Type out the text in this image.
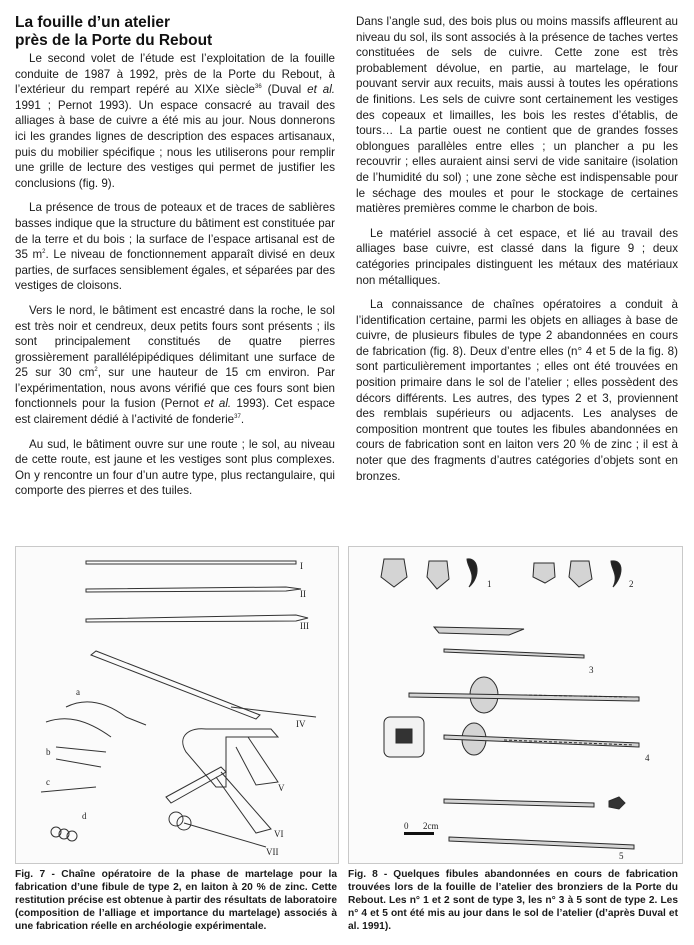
La fouille d’un atelier
près de la Porte du Rebout

Le second volet de l’étude est l’exploitation de la fouille conduite de 1987 à 1992, près de la Porte du Rebout, à l’extérieur du rempart repéré au XIXe siècle$^{36}$ (Duval et al. 1991 ; Pernot 1993). Un espace consacré au travail des alliages à base de cuivre a été mis au jour. Nous donnerons ici les grandes lignes de description des espaces artisanaux, puis du mobilier spécifique ; nous les utiliserons pour remplir une grille de lecture des vestiges qui permet de justifier les conclusions (fig. 9).

La présence de trous de poteaux et de traces de sablières basses indique que la structure du bâtiment est constituée par de la terre et du bois ; la surface de l’espace artisanal est de 35 $m^2$. Le niveau de fonctionnement apparaît divisé en deux parties, de surfaces sensiblement égales, et séparées par des vestiges de cloisons.

Vers le nord, le bâtiment est encastré dans la roche, le sol est très noir et cendreux, deux petits fours sont présents ; ils sont principalement constitués de quatre pierres grossièrement parallélépipédiques délimitant une surface de 25 sur 30 $cm^2$, sur une hauteur de 15 cm environ. Par l’expérimentation, nous avons vérifié que ces fours sont bien fonctionnels pour la fusion (Pernot et al. 1993). Cet espace est clairement dédié à l’activité de fonderie$^{37}$.

Au sud, le bâtiment ouvre sur une route ; le sol, au niveau de cette route, est jaune et les vestiges sont plus complexes. On y rencontre un four d’un autre type, plus rectangulaire, qui comporte des pierres et des tuiles.

Dans l’angle sud, des bois plus ou moins massifs affleurent au niveau du sol, ils sont associés à la présence de taches vertes constituées de sels de cuivre. Cette zone est très probablement dévolue, en partie, au martelage, le four pouvant servir aux recuits, mais aussi à toutes les opérations de finitions. Les sels de cuivre sont certainement les vestiges des copeaux et limailles, les bois les restes d’établis, de tours… La partie ouest ne contient que de grandes fosses oblongues parallèles entre elles ; un plancher a pu les recouvrir ; elles auraient ainsi servi de vide sanitaire (isolation de l’humidité du sol) ; une zone sèche est indispensable pour le séchage des moules et pour le stockage de certaines matières premières comme le charbon de bois.

Le matériel associé à cet espace, et lié au travail des alliages base cuivre, est classé dans la figure 9 ; deux catégories principales distinguent les métaux des matériaux non métalliques.

La connaissance de chaînes opératoires a conduit à l’identification certaine, parmi les objets en alliages à base de cuivre, de plusieurs fibules de type 2 abandonnées en cours de fabrication (fig. 8). Deux d’entre elles (n° 4 et 5 de la fig. 8) sont particulièrement importantes ; elles ont été trouvées en position primaire dans le sol de l’atelier ; elles possèdent des décors différents. Les autres, des types 2 et 3, proviennent des remblais supérieurs ou adjacents. Les analyses de composition montrent que toutes les fibules abandonnées en cours de fabrication sont en laiton vers 20 % de zinc ; il est à noter que des fragments d’autres catégories d’objets sont en bronzes.

a
b
c
d
I
II
III
IV
V
VI
VII
Fig. 7 - Chaîne opératoire de la phase de martelage pour la fabrication d’une fibule de type 2, en laiton à 20 % de zinc. Cette restitution précise est obtenue à partir des résultats de laboratoire (composition de l’alliage et importance du martelage) associés à une fabrication réelle en archéologie expérimentale.
1	2
3
4
5
0 2cm
Fig. 8 - Quelques fibules abandonnées en cours de fabrication trouvées lors de la fouille de l’atelier des bronziers de la Porte du Rebout. Les n° 1 et 2 sont de type 3, les n° 3 à 5 sont de type 2. Les n° 4 et 5 ont été mis au jour dans le sol de l’atelier (d’après Duval et al. 1991).
